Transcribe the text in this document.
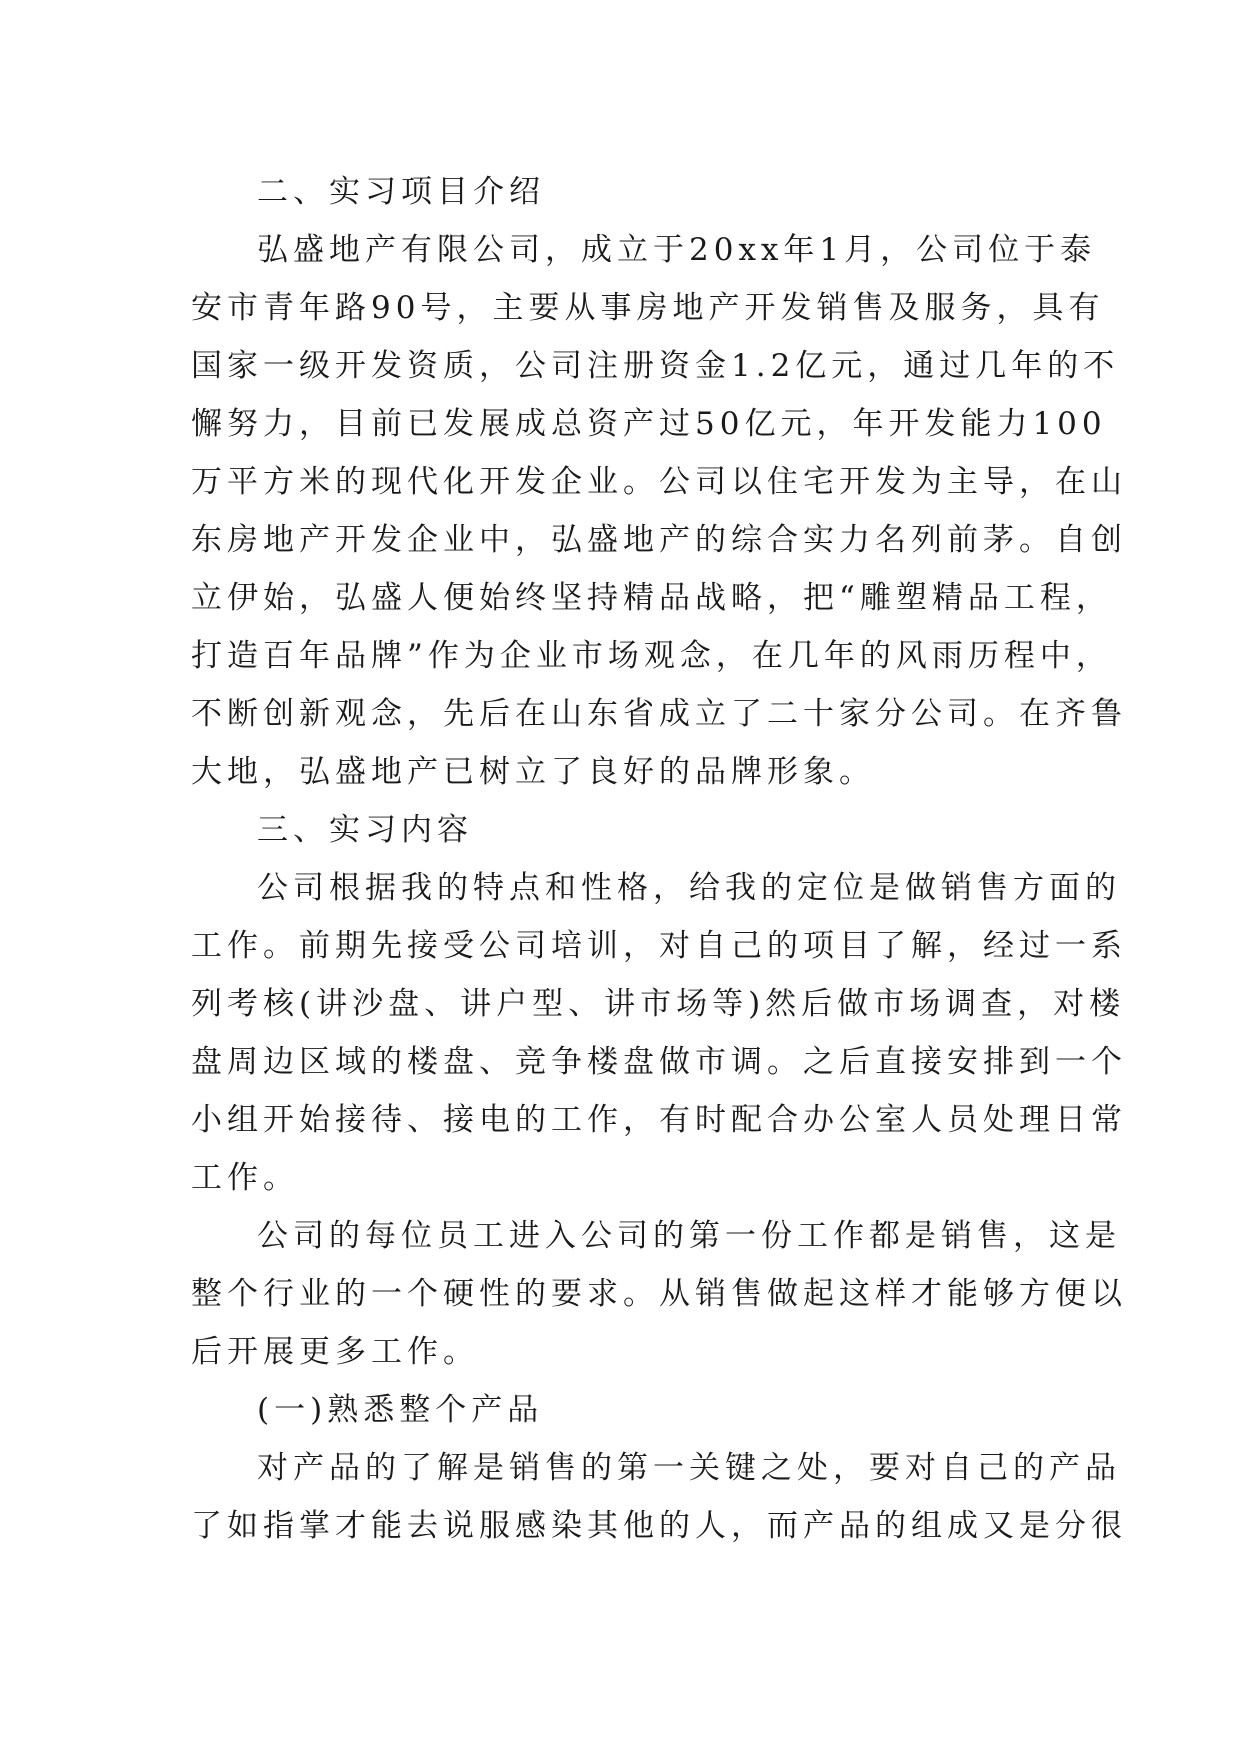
二、实习项目介绍
弘盛地产有限公司，成立于20xx年1月，公司位于泰
安市青年路90号，主要从事房地产开发销售及服务，具有
国家一级开发资质，公司注册资金1.2亿元，通过几年的不
懈努力，目前已发展成总资产过50亿元，年开发能力100
万平方米的现代化开发企业。公司以住宅开发为主导，在山
东房地产开发企业中，弘盛地产的综合实力名列前茅。自创
立伊始，弘盛人便始终坚持精品战略，把“雕塑精品工程，
打造百年品牌”作为企业市场观念，在几年的风雨历程中，
不断创新观念，先后在山东省成立了二十家分公司。在齐鲁
大地，弘盛地产已树立了良好的品牌形象。
三、实习内容
公司根据我的特点和性格，给我的定位是做销售方面的
工作。前期先接受公司培训，对自己的项目了解，经过一系
列考核(讲沙盘、讲户型、讲市场等)然后做市场调查，对楼
盘周边区域的楼盘、竞争楼盘做市调。之后直接安排到一个
小组开始接待、接电的工作，有时配合办公室人员处理日常
工作。
公司的每位员工进入公司的第一份工作都是销售，这是
整个行业的一个硬性的要求。从销售做起这样才能够方便以
后开展更多工作。
(一)熟悉整个产品
对产品的了解是销售的第一关键之处，要对自己的产品
了如指掌才能去说服感染其他的人，而产品的组成又是分很
